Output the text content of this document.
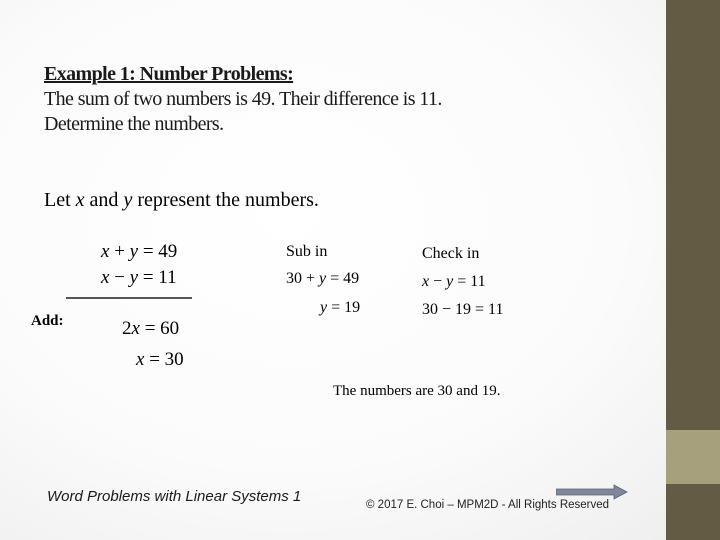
Example 1: Number Problems:
The sum of two numbers is 49. Their difference is 11.
Determine the numbers.
Let x and y represent the numbers.
x + y = 49
x − y = 11
Add:	2x = 60
x = 30
Sub in
30 + y = 49
y = 19
Check in
x − y = 11
30 − 19 = 11
The numbers are 30 and 19.
Word Problems with Linear Systems 1	© 2017 E. Choi – MPM2D - All Rights Reserved
